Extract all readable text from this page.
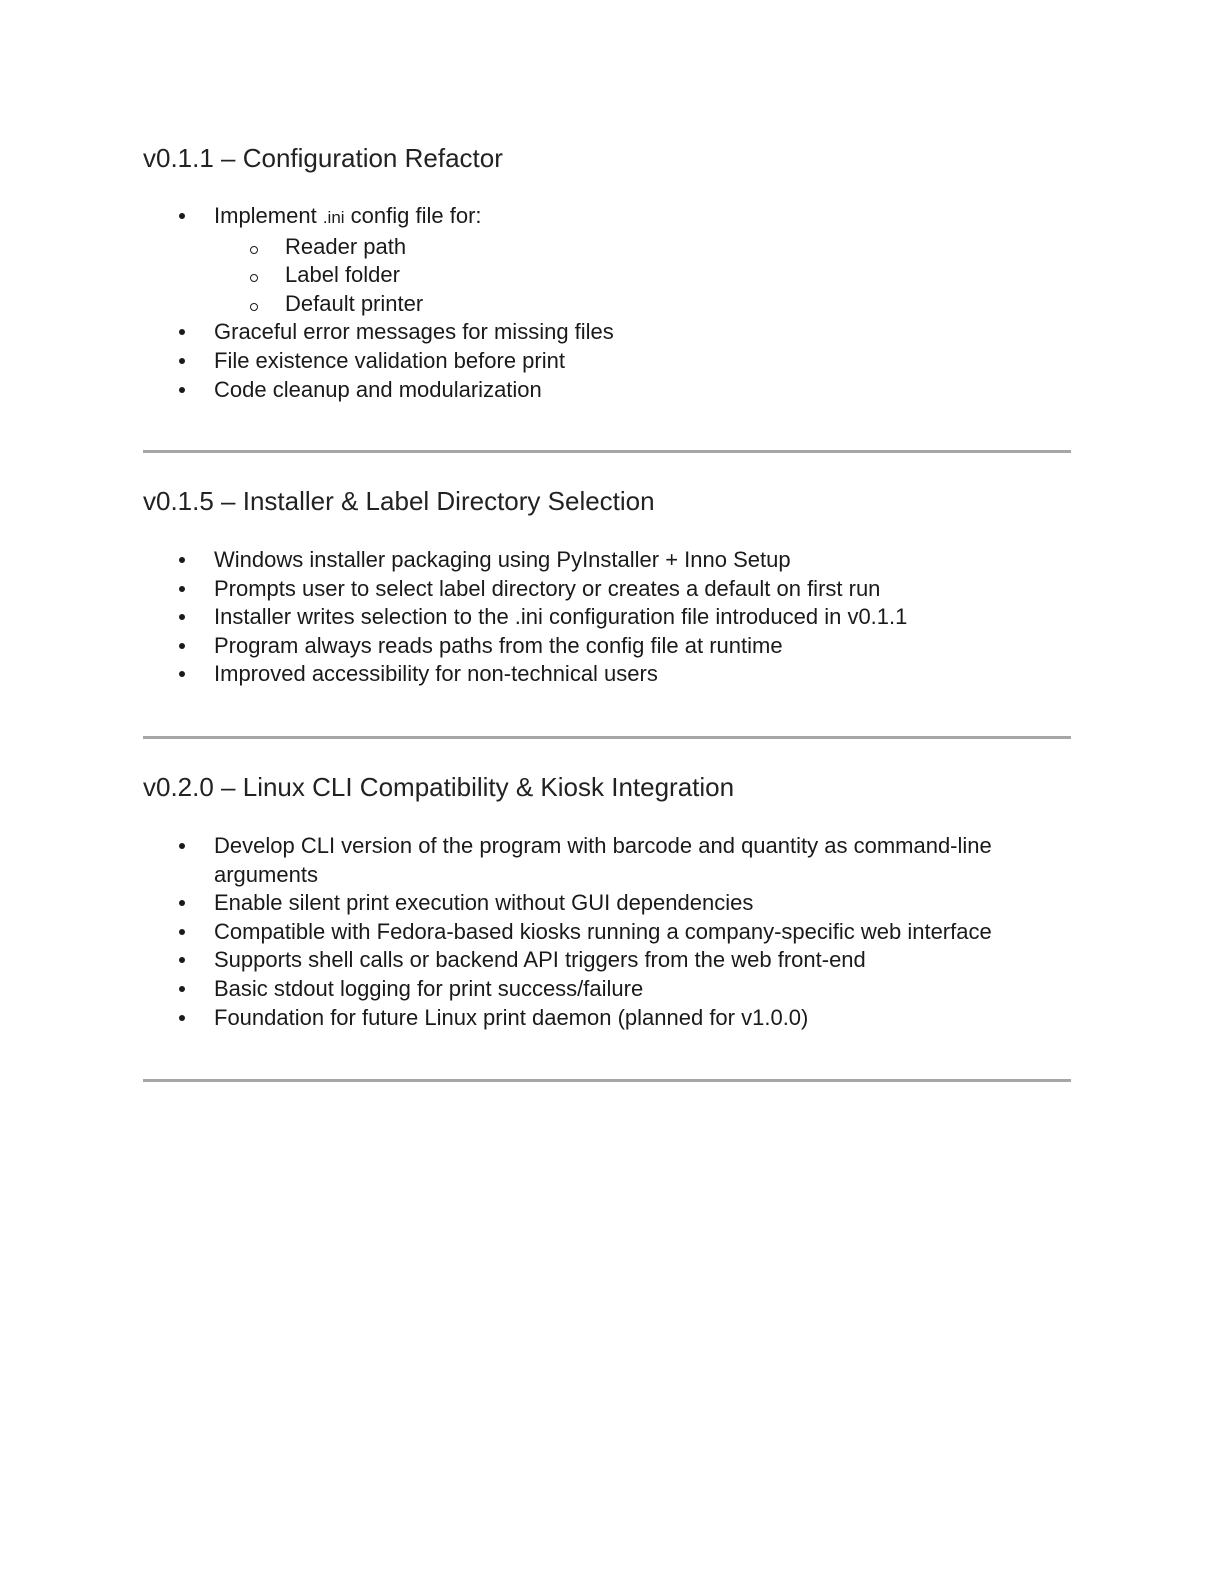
v0.1.1 – Configuration Refactor
Implement .ini config file for:
Reader path
Label folder
Default printer
Graceful error messages for missing files
File existence validation before print
Code cleanup and modularization
v0.1.5 – Installer & Label Directory Selection
Windows installer packaging using PyInstaller + Inno Setup
Prompts user to select label directory or creates a default on first run
Installer writes selection to the .ini configuration file introduced in v0.1.1
Program always reads paths from the config file at runtime
Improved accessibility for non-technical users
v0.2.0 – Linux CLI Compatibility & Kiosk Integration
Develop CLI version of the program with barcode and quantity as command-line arguments
Enable silent print execution without GUI dependencies
Compatible with Fedora-based kiosks running a company-specific web interface
Supports shell calls or backend API triggers from the web front-end
Basic stdout logging for print success/failure
Foundation for future Linux print daemon (planned for v1.0.0)
